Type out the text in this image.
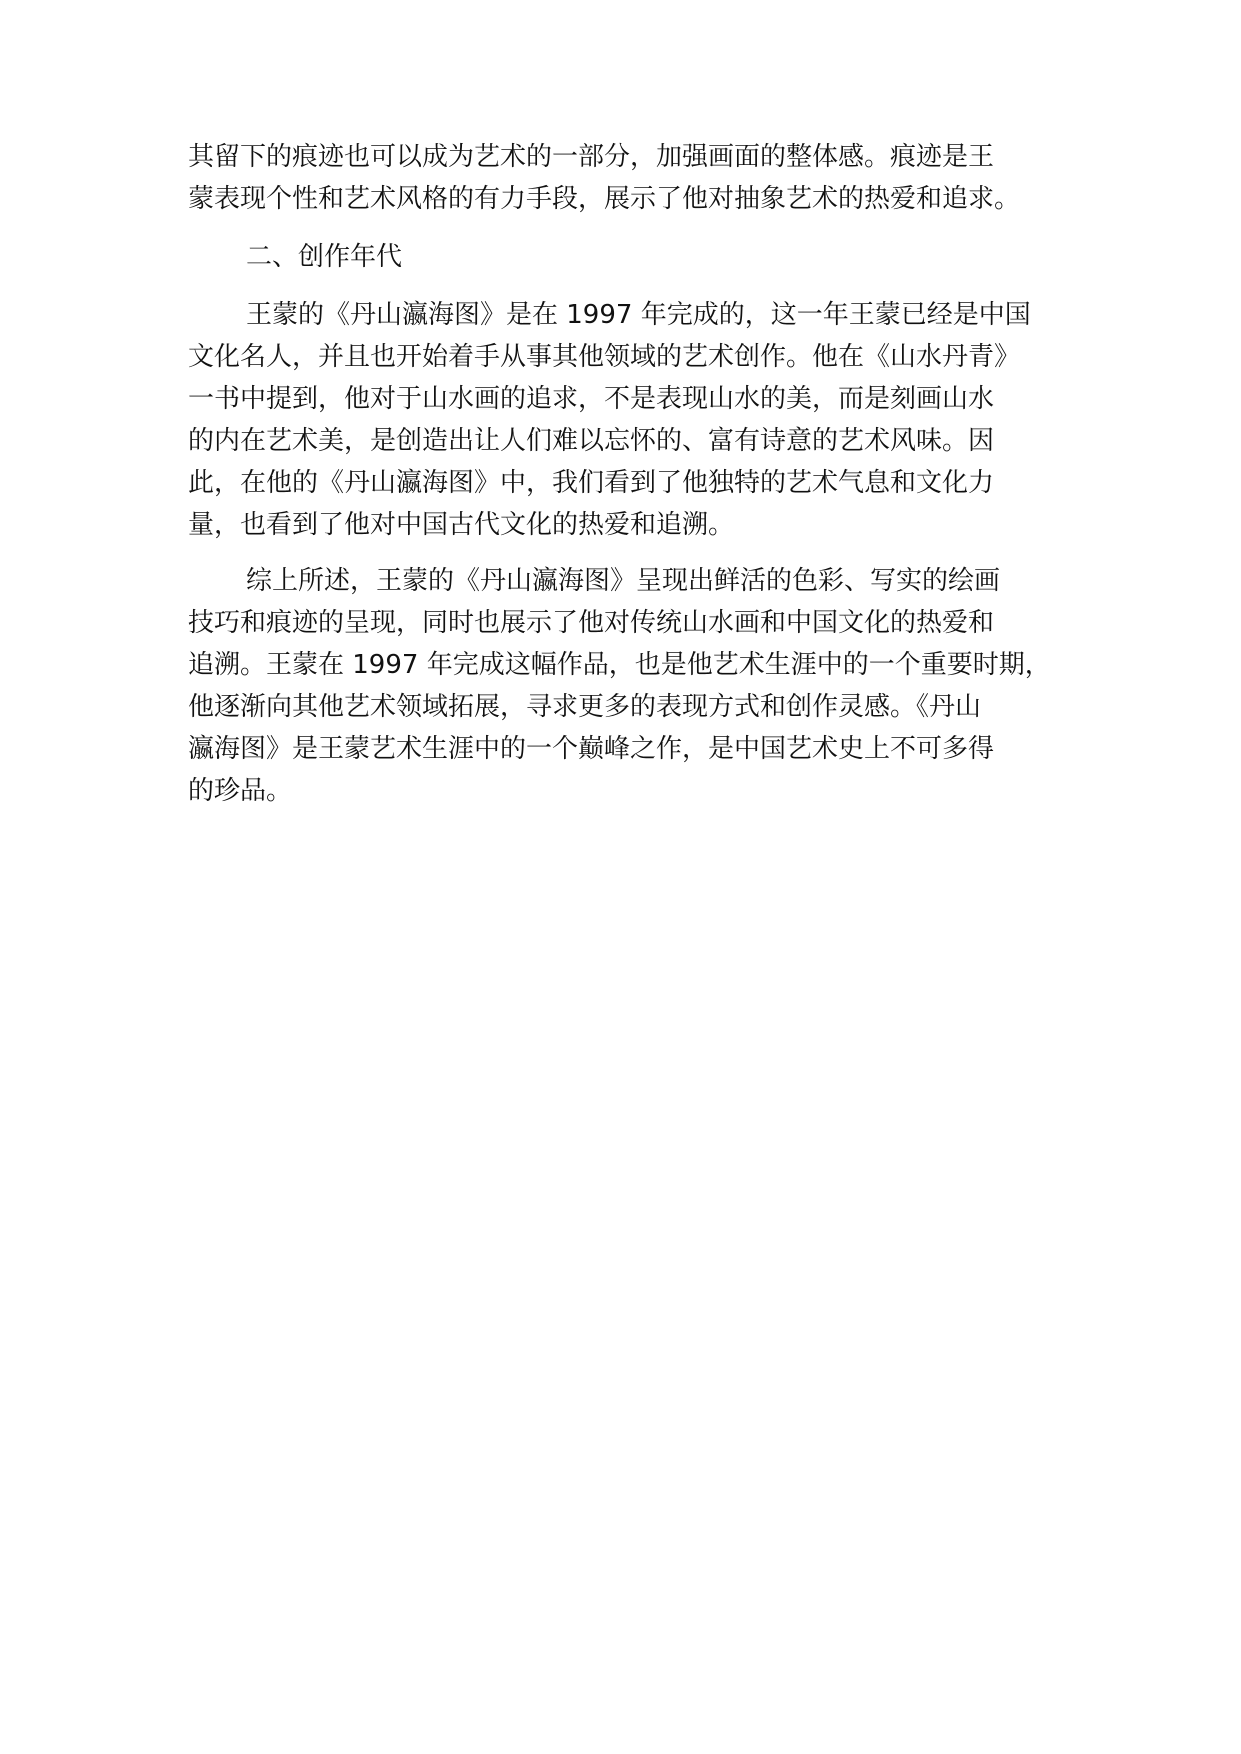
其留下的痕迹也可以成为艺术的一部分，加强画面的整体感。痕迹是王
蒙表现个性和艺术风格的有力手段，展示了他对抽象艺术的热爱和追求。
二、创作年代
王蒙的《丹山瀛海图》是在 1997 年完成的，这一年王蒙已经是中国
文化名人，并且也开始着手从事其他领域的艺术创作。他在《山水丹青》
一书中提到，他对于山水画的追求，不是表现山水的美，而是刻画山水
的内在艺术美，是创造出让人们难以忘怀的、富有诗意的艺术风味。因
此，在他的《丹山瀛海图》中，我们看到了他独特的艺术气息和文化力
量，也看到了他对中国古代文化的热爱和追溯。
综上所述，王蒙的《丹山瀛海图》呈现出鲜活的色彩、写实的绘画
技巧和痕迹的呈现，同时也展示了他对传统山水画和中国文化的热爱和
追溯。王蒙在 1997 年完成这幅作品，也是他艺术生涯中的一个重要时期，
他逐渐向其他艺术领域拓展，寻求更多的表现方式和创作灵感。《丹山
瀛海图》是王蒙艺术生涯中的一个巅峰之作，是中国艺术史上不可多得
的珍品。
